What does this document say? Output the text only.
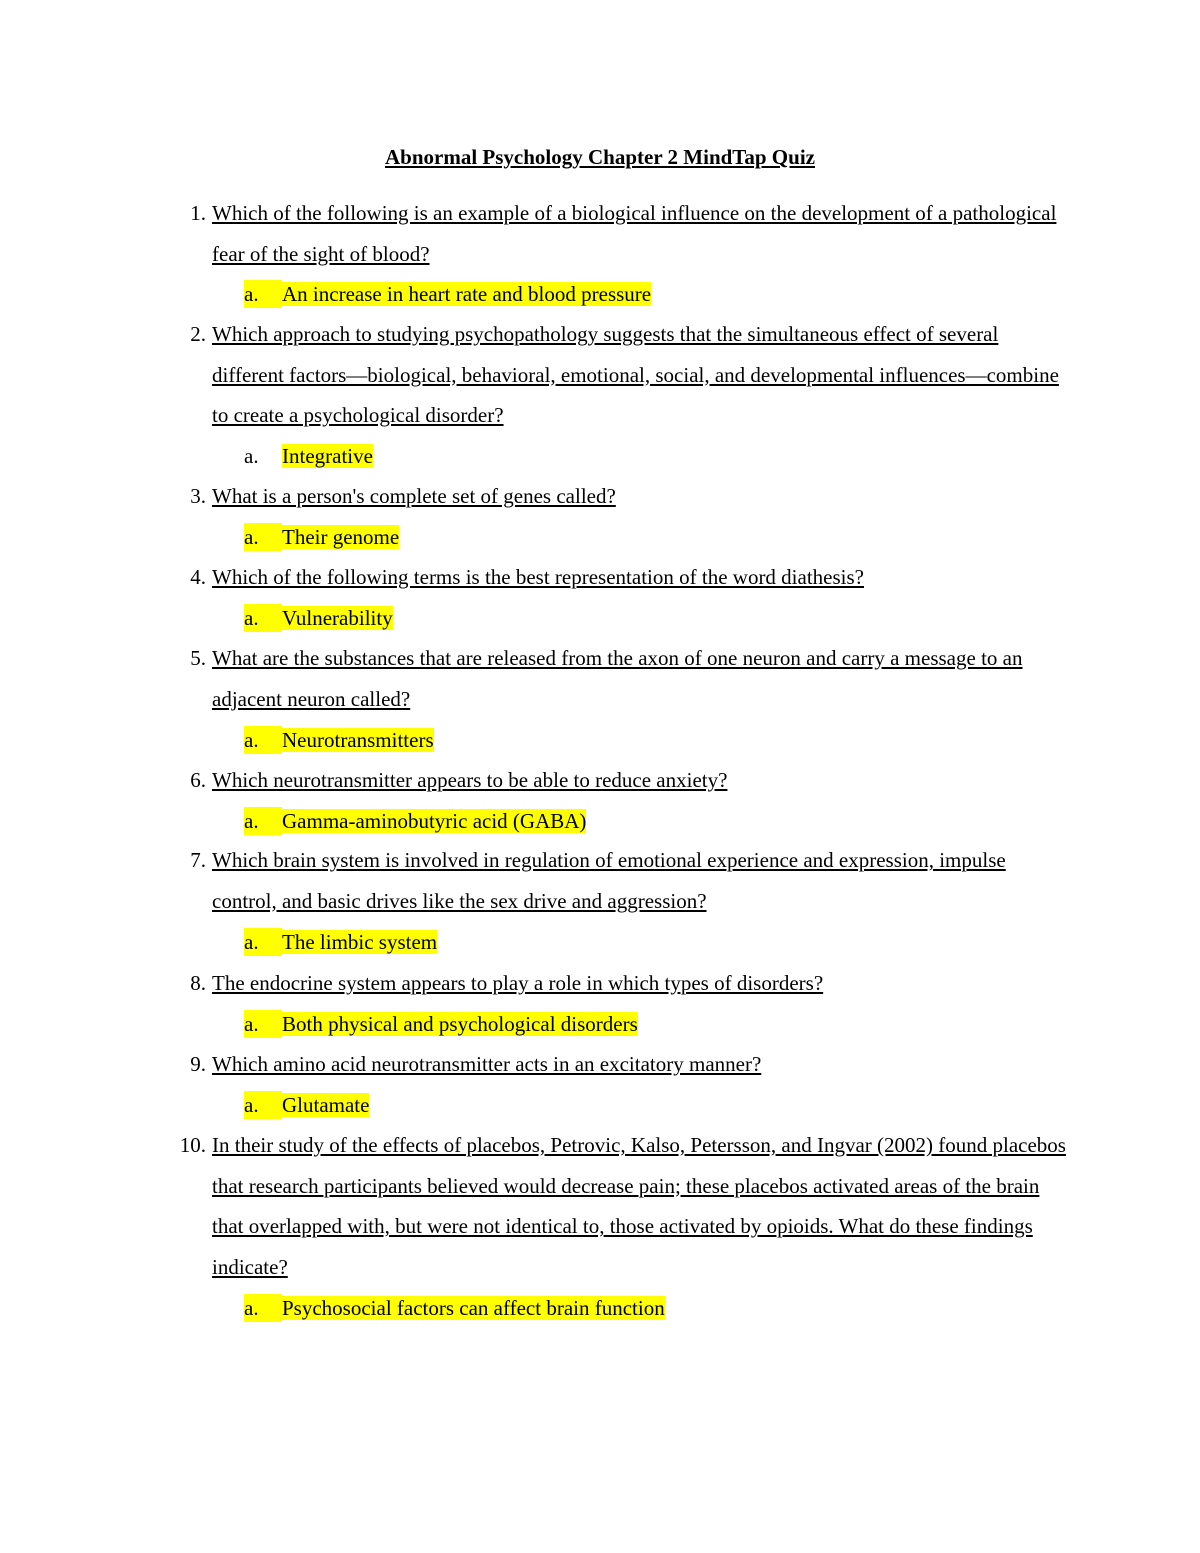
Abnormal Psychology Chapter 2 MindTap Quiz
1. Which of the following is an example of a biological influence on the development of a pathological fear of the sight of blood?
a. An increase in heart rate and blood pressure
2. Which approach to studying psychopathology suggests that the simultaneous effect of several different factors—biological, behavioral, emotional, social, and developmental influences—combine to create a psychological disorder?
a. Integrative
3. What is a person's complete set of genes called?
a. Their genome
4. Which of the following terms is the best representation of the word diathesis?
a. Vulnerability
5. What are the substances that are released from the axon of one neuron and carry a message to an adjacent neuron called?
a. Neurotransmitters
6. Which neurotransmitter appears to be able to reduce anxiety?
a. Gamma-aminobutyric acid (GABA)
7. Which brain system is involved in regulation of emotional experience and expression, impulse control, and basic drives like the sex drive and aggression?
a. The limbic system
8. The endocrine system appears to play a role in which types of disorders?
a. Both physical and psychological disorders
9. Which amino acid neurotransmitter acts in an excitatory manner?
a. Glutamate
10. In their study of the effects of placebos, Petrovic, Kalso, Petersson, and Ingvar (2002) found placebos that research participants believed would decrease pain; these placebos activated areas of the brain that overlapped with, but were not identical to, those activated by opioids. What do these findings indicate?
a. Psychosocial factors can affect brain function
